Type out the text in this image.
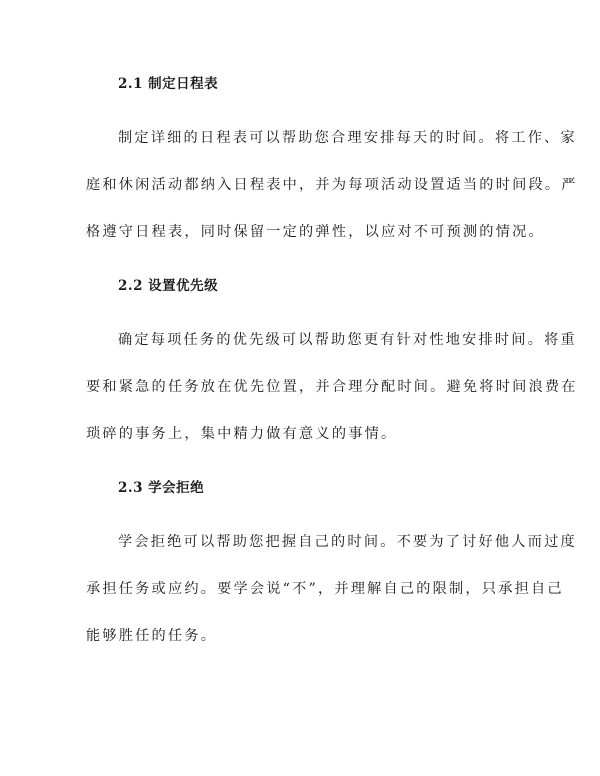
2.1 制定日程表
制定详细的日程表可以帮助您合理安排每天的时间。将工作、家
庭和休闲活动都纳入日程表中，并为每项活动设置适当的时间段。严
格遵守日程表，同时保留一定的弹性，以应对不可预测的情况。
2.2 设置优先级
确定每项任务的优先级可以帮助您更有针对性地安排时间。将重
要和紧急的任务放在优先位置，并合理分配时间。避免将时间浪费在
琐碎的事务上，集中精力做有意义的事情。
2.3 学会拒绝
学会拒绝可以帮助您把握自己的时间。不要为了讨好他人而过度
承担任务或应约。要学会说“不”，并理解自己的限制，只承担自己
能够胜任的任务。
